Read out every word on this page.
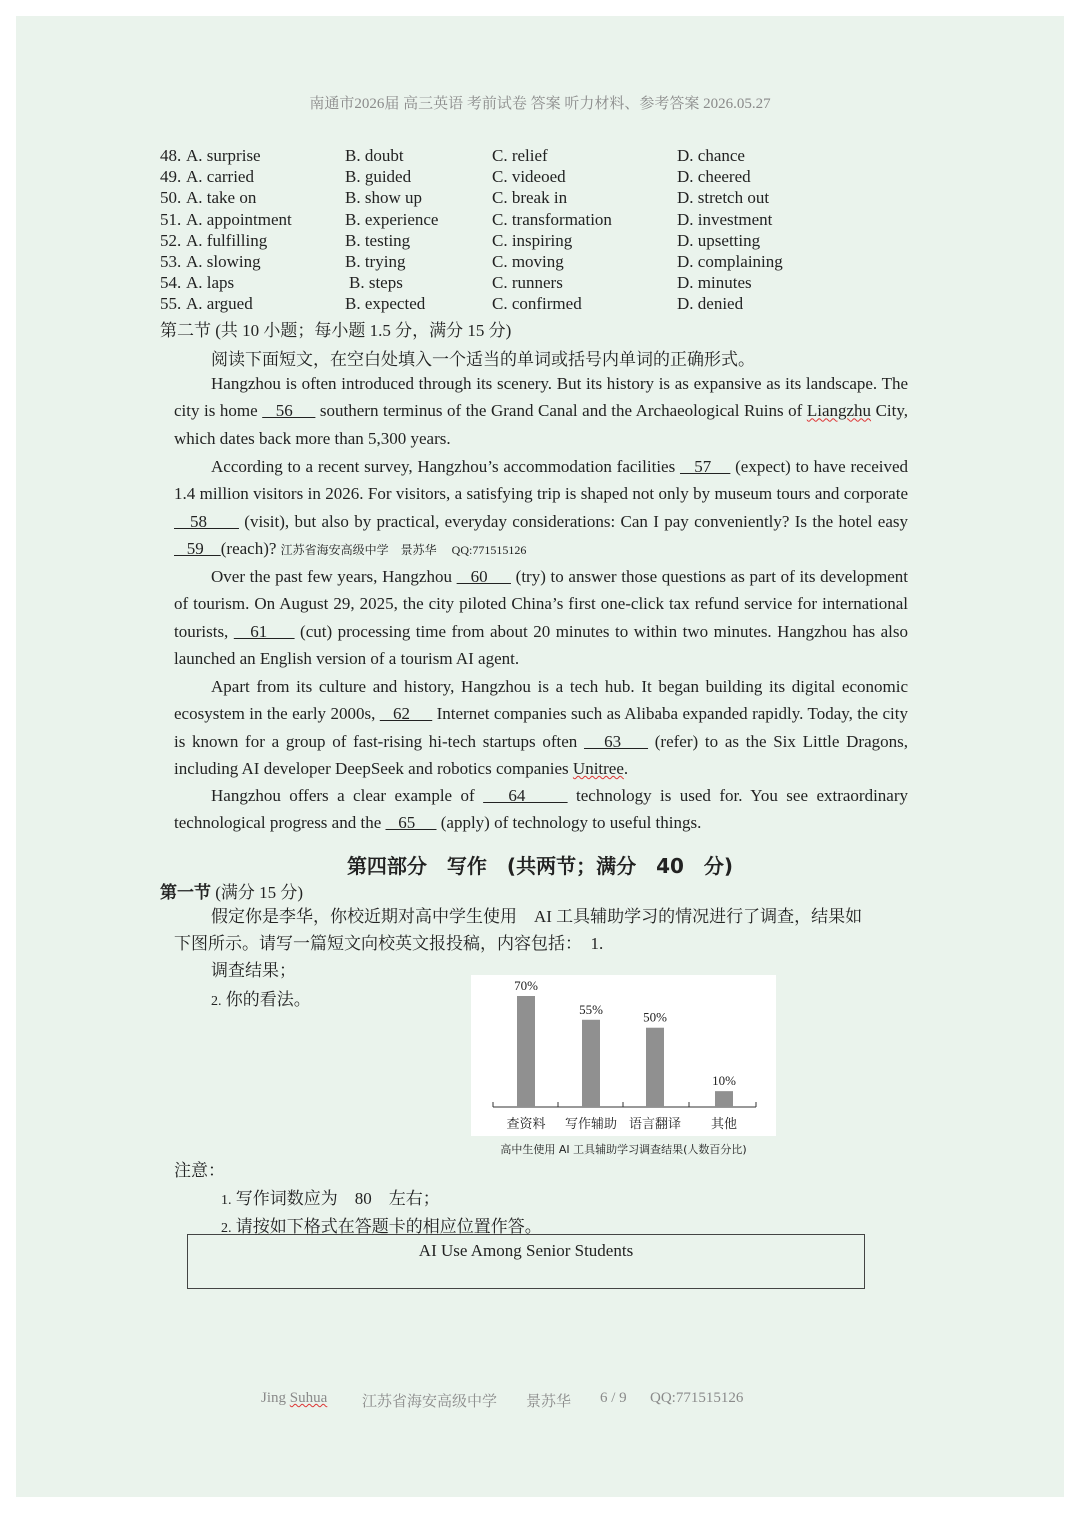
南通市2026届 高三英语 考前试卷 答案 听力材料、参考答案 2026.05.27
48. A. surprise	B. doubt	C. relief	D. chance
49. A. carried	B. guided	C. videoed	D. cheered
50. A. take on	B. show up	C. break in	D. stretch out
51. A. appointment	B. experience	C. transformation	D. investment
52. A. fulfilling	B. testing	C. inspiring	D. upsetting
53. A. slowing	B. trying	C. moving	D. complaining
54. A. laps	B. steps	C. runners	D. minutes
55. A. argued	B. expected	C. confirmed	D. denied
第二节 (共 10 小题；每小题 1.5 分，满分 15 分)
阅读下面短文，在空白处填入一个适当的单词或括号内单词的正确形式。
Hangzhou is often introduced through its scenery. But its history is as expansive as its landscape. The city is home    56      southern terminus of the Grand Canal and the Archaeological Ruins of Liangzhu City, which dates back more than 5,300 years.
According to a recent survey, Hangzhou’s accommodation facilities    57     (expect) to have received 1.4 million visitors in 2026. For visitors, a satisfying trip is shaped not only by museum tours and corporate    58       (visit), but also by practical, everyday considerations: Can I pay conveniently? Is the hotel easy    59    (reach)? 江苏省海安高级中学　景苏华　 QQ:771515126
Over the past few years, Hangzhou    60      (try) to answer those questions as part of its development of tourism. On August 29, 2025, the city piloted China’s first one-click tax refund service for international tourists,    61      (cut) processing time from about 20 minutes to within two minutes. Hangzhou has also launched an English version of a tourism AI agent.
Apart from its culture and history, Hangzhou is a tech hub. It began building its digital economic ecosystem in the early 2000s,    62      Internet companies such as Alibaba expanded rapidly. Today, the city is known for a group of fast-rising hi-tech startups often    63     (refer) to as the Six Little Dragons, including AI developer DeepSeek and robotics companies Unitree.
Hangzhou offers a clear example of    64      technology is used for. You see extraordinary technological progress and the    65      (apply) of technology to useful things.
第四部分　写作　(共两节；满分　40　分)
第一节 (满分 15 分)
假定你是李华，你校近期对高中学生使用　AI 工具辅助学习的情况进行了调查，结果如
下图所示。请写一篇短文向校英文报投稿，内容包括：　1.
调查结果；
2. 你的看法。
70%
查资料
55%
写作辅助
50%
语言翻译
10%
其他
高中生使用 AI 工具辅助学习调查结果(人数百分比)
注意：
1. 写作词数应为　80　左右；
2. 请按如下格式在答题卡的相应位置作答。
AI Use Among Senior Students
Jing Suhua 江苏省海安高级中学 景苏华 6 / 9 QQ:771515126
